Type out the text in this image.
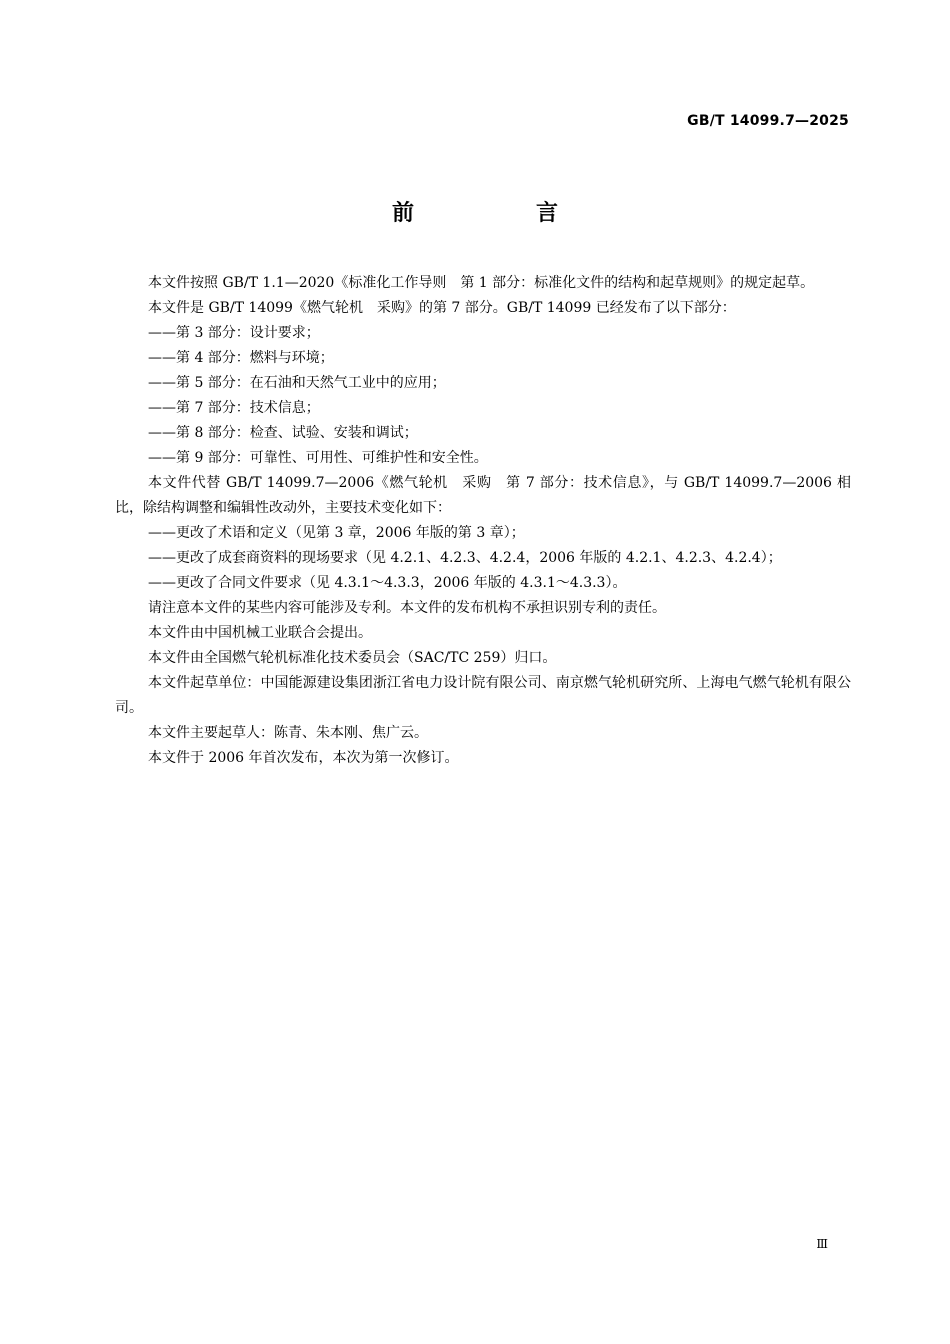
GB/T 14099.7—2025
前　言

本文件按照 GB/T 1.1—2020《标准化工作导则　第 1 部分：标准化文件的结构和起草规则》的规定起草。

本文件是 GB/T 14099《燃气轮机　采购》的第 7 部分。GB/T 14099 已经发布了以下部分：

——第 3 部分：设计要求；

——第 4 部分：燃料与环境；

——第 5 部分：在石油和天然气工业中的应用；

——第 7 部分：技术信息；

——第 8 部分：检查、试验、安装和调试；

——第 9 部分：可靠性、可用性、可维护性和安全性。

本文件代替 GB/T 14099.7—2006《燃气轮机　采购　第 7 部分：技术信息》，与 GB/T 14099.7—2006 相比，除结构调整和编辑性改动外，主要技术变化如下：

——更改了术语和定义（见第 3 章，2006 年版的第 3 章）；

——更改了成套商资料的现场要求（见 4.2.1、4.2.3、4.2.4，2006 年版的 4.2.1、4.2.3、4.2.4）；

——更改了合同文件要求（见 4.3.1～4.3.3，2006 年版的 4.3.1～4.3.3）。

请注意本文件的某些内容可能涉及专利。本文件的发布机构不承担识别专利的责任。

本文件由中国机械工业联合会提出。

本文件由全国燃气轮机标准化技术委员会（SAC/TC 259）归口。

本文件起草单位：中国能源建设集团浙江省电力设计院有限公司、南京燃气轮机研究所、上海电气燃气轮机有限公司。

本文件主要起草人：陈青、朱本刚、焦广云。

本文件于 2006 年首次发布，本次为第一次修订。

Ⅲ
